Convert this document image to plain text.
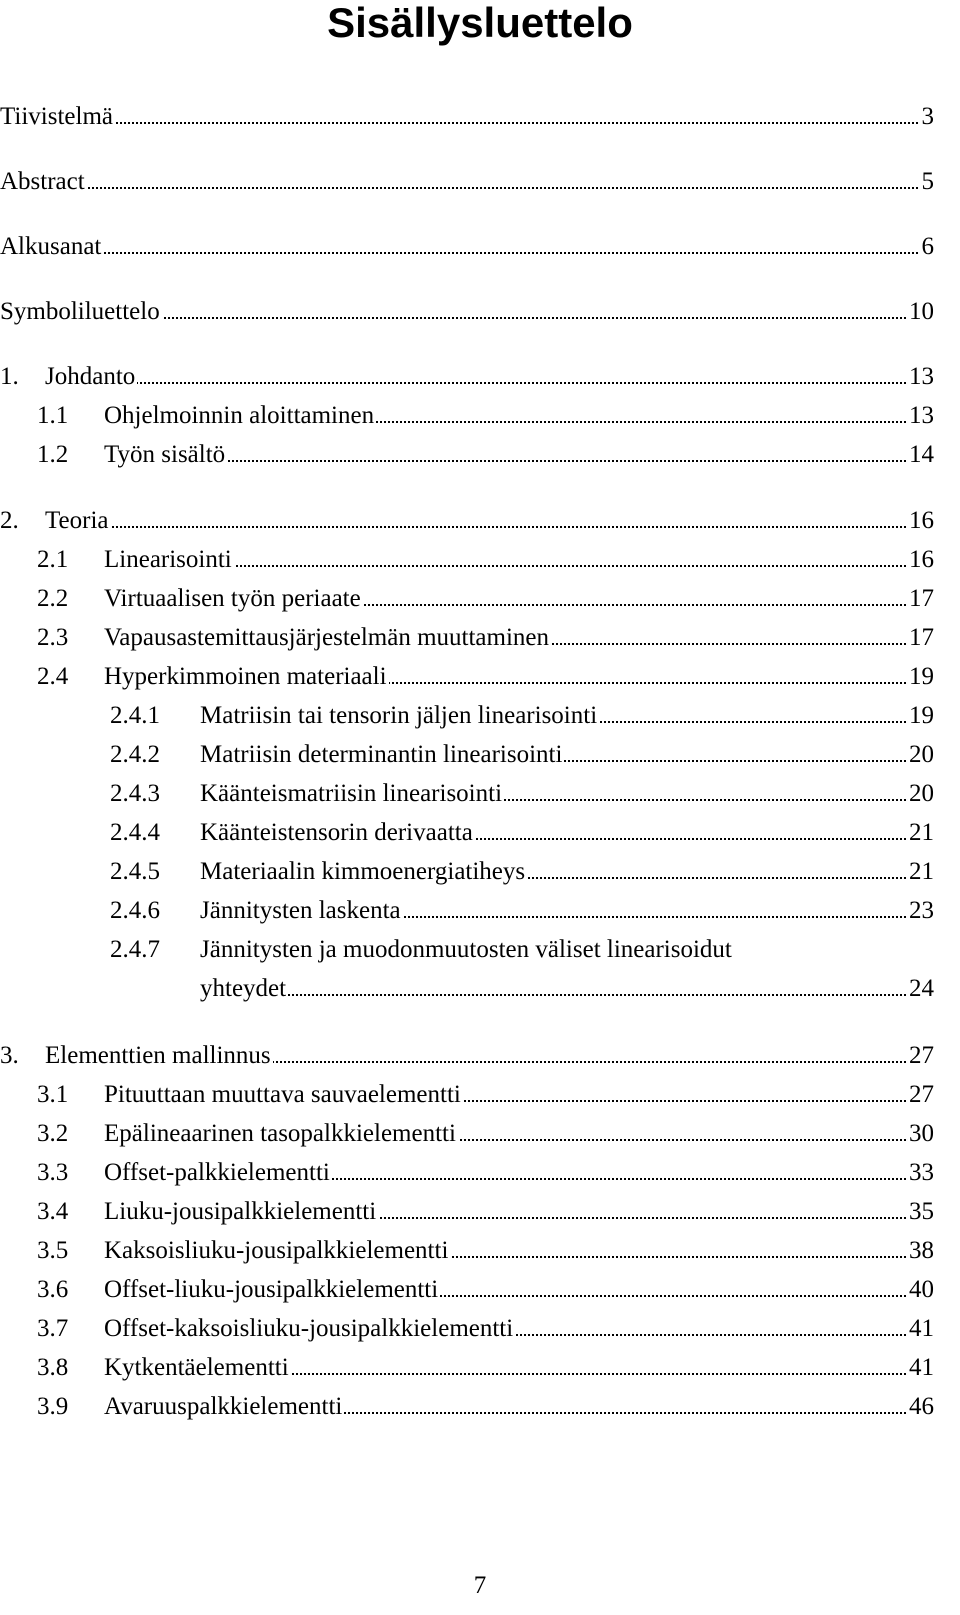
Sisällysluettelo
Tiivistelmä	3
Abstract	5
Alkusanat	6
Symboliluettelo	10
1. Johdanto	13
1.1 Ohjelmoinnin aloittaminen	13
1.2 Työn sisältö	14
2. Teoria	16
2.1 Linearisointi	16
2.2 Virtuaalisen työn periaate	17
2.3 Vapausastemittausjärjestelmän muuttaminen	17
2.4 Hyperkimmoinen materiaali	19
2.4.1 Matriisin tai tensorin jäljen linearisointi	19
2.4.2 Matriisin determinantin linearisointi	20
2.4.3 Käänteismatriisin linearisointi	20
2.4.4 Käänteistensorin derivaatta	21
2.4.5 Materiaalin kimmoenergiatiheys	21
2.4.6 Jännitysten laskenta	23
2.4.7 Jännitysten ja muodonmuutosten väliset linearisoidut
yhteydet	24
3. Elementtien mallinnus	27
3.1 Pituuttaan muuttava sauvaelementti	27
3.2 Epälineaarinen tasopalkkielementti	30
3.3 Offset-palkkielementti	33
3.4 Liuku-jousipalkkielementti	35
3.5 Kaksoisliuku-jousipalkkielementti	38
3.6 Offset-liuku-jousipalkkielementti	40
3.7 Offset-kaksoisliuku-jousipalkkielementti	41
3.8 Kytkentäelementti	41
3.9 Avaruuspalkkielementti	46
7
